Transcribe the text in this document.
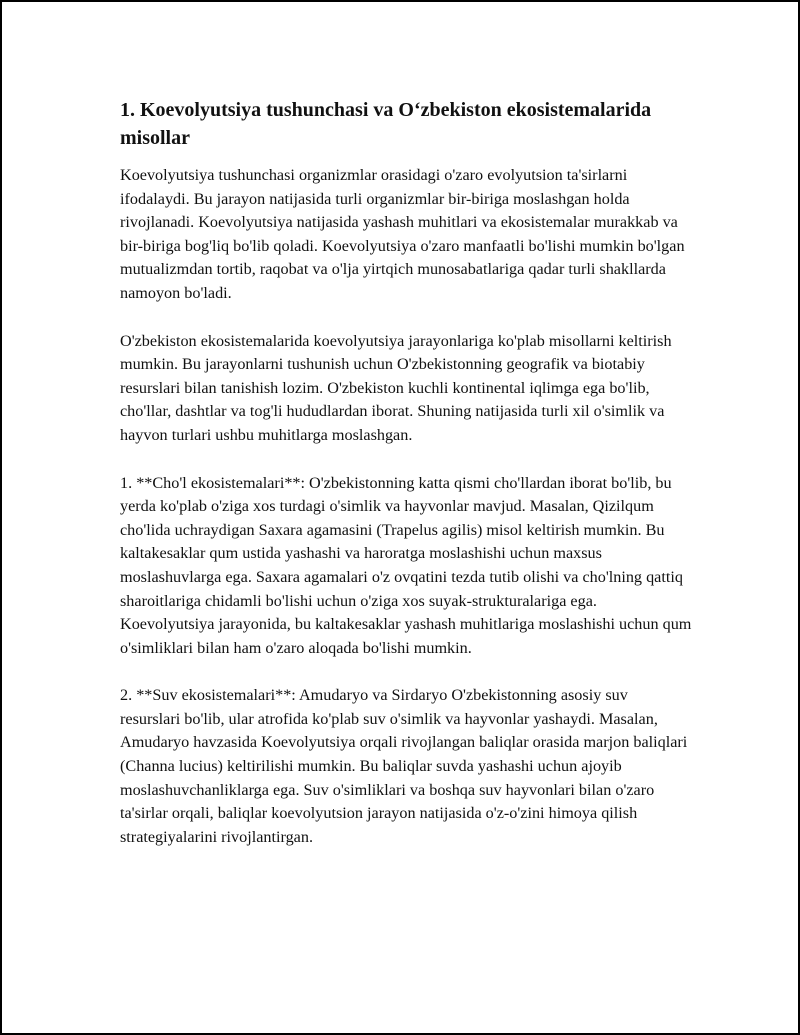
1. Koevolyutsiya tushunchasi va O‘zbekiston ekosistemalarida misollar

Koevolyutsiya tushunchasi organizmlar orasidagi o'zaro evolyutsion ta'sirlarni ifodalaydi. Bu jarayon natijasida turli organizmlar bir-biriga moslashgan holda rivojlanadi. Koevolyutsiya natijasida yashash muhitlari va ekosistemalar murakkab va bir-biriga bog'liq bo'lib qoladi. Koevolyutsiya o'zaro manfaatli bo'lishi mumkin bo'lgan mutualizmdan tortib, raqobat va o'lja yirtqich munosabatlariga qadar turli shakllarda namoyon bo'ladi.

O'zbekiston ekosistemalarida koevolyutsiya jarayonlariga ko'plab misollarni keltirish mumkin. Bu jarayonlarni tushunish uchun O'zbekistonning geografik va biotabiy resurslari bilan tanishish lozim. O'zbekiston kuchli kontinental iqlimga ega bo'lib, cho'llar, dashtlar va tog'li hududlardan iborat. Shuning natijasida turli xil o'simlik va hayvon turlari ushbu muhitlarga moslashgan.

1. **Cho'l ekosistemalari**: O'zbekistonning katta qismi cho'llardan iborat bo'lib, bu yerda ko'plab o'ziga xos turdagi o'simlik va hayvonlar mavjud. Masalan, Qizilqum cho'lida uchraydigan Saxara agamasini (Trapelus agilis) misol keltirish mumkin. Bu kaltakesaklar qum ustida yashashi va haroratga moslashishi uchun maxsus moslashuvlarga ega. Saxara agamalari o'z ovqatini tezda tutib olishi va cho'lning qattiq sharoitlariga chidamli bo'lishi uchun o'ziga xos suyak-strukturalariga ega. Koevolyutsiya jarayonida, bu kaltakesaklar yashash muhitlariga moslashishi uchun qum o'simliklari bilan ham o'zaro aloqada bo'lishi mumkin.

2. **Suv ekosistemalari**: Amudaryo va Sirdaryo O'zbekistonning asosiy suv resurslari bo'lib, ular atrofida ko'plab suv o'simlik va hayvonlar yashaydi. Masalan, Amudaryo havzasida Koevolyutsiya orqali rivojlangan baliqlar orasida marjon baliqlari (Channa lucius) keltirilishi mumkin. Bu baliqlar suvda yashashi uchun ajoyib moslashuvchanliklarga ega. Suv o'simliklari va boshqa suv hayvonlari bilan o'zaro ta'sirlar orqali, baliqlar koevolyutsion jarayon natijasida o'z-o'zini himoya qilish strategiyalarini rivojlantirgan.
